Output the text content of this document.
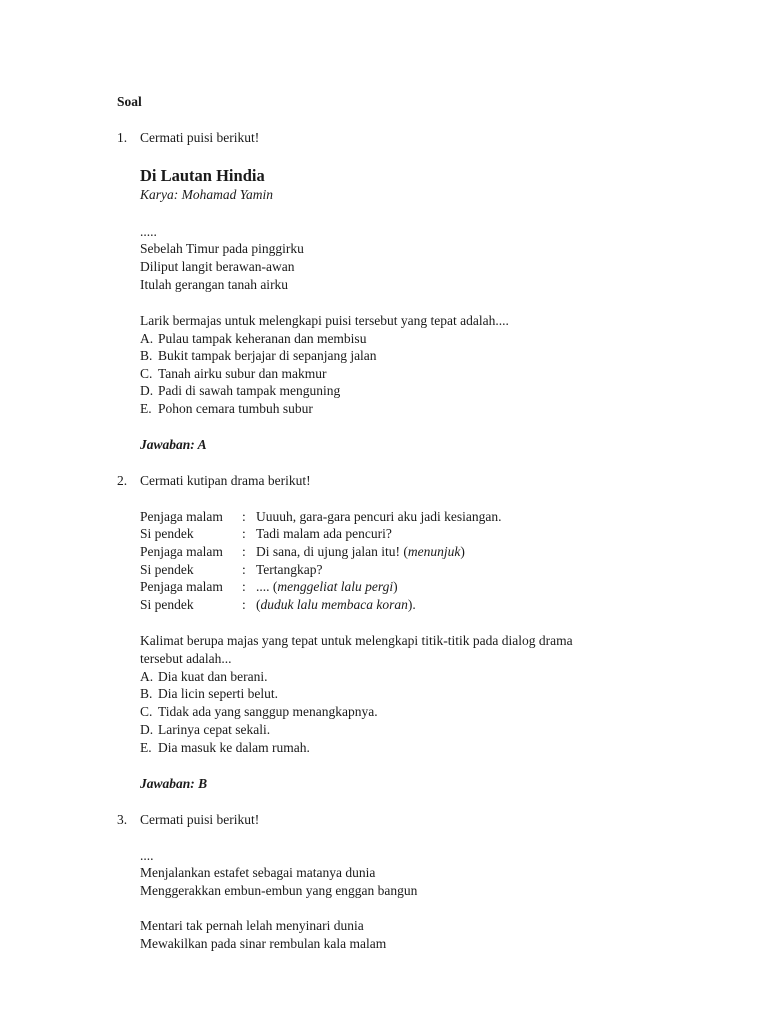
Soal
1. Cermati puisi berikut!
Di Lautan Hindia
Karya: Mohamad Yamin
.....
Sebelah Timur pada pinggirku
Diliput langit berawan-awan
Itulah gerangan tanah airku
Larik bermajas untuk melengkapi puisi tersebut yang tepat adalah....
A. Pulau tampak keheranan dan membisu
B. Bukit tampak berjajar di sepanjang jalan
C. Tanah airku subur dan makmur
D. Padi di sawah tampak menguning
E. Pohon cemara tumbuh subur
Jawaban: A
2. Cermati kutipan drama berikut!
Penjaga malam : Uuuuh, gara-gara pencuri aku jadi kesiangan.
Si pendek	: Tadi malam ada pencuri?
Penjaga malam : Di sana, di ujung jalan itu! (menunjuk)
Si pendek	: Tertangkap?
Penjaga malam : .... (menggeliat lalu pergi)
Si pendek	: (duduk lalu membaca koran).
Kalimat berupa majas yang tepat untuk melengkapi titik-titik pada dialog drama
tersebut adalah...
A. Dia kuat dan berani.
B. Dia licin seperti belut.
C. Tidak ada yang sanggup menangkapnya.
D. Larinya cepat sekali.
E. Dia masuk ke dalam rumah.
Jawaban: B
3. Cermati puisi berikut!
....
Menjalankan estafet sebagai matanya dunia
Menggerakkan embun-embun yang enggan bangun
Mentari tak pernah lelah menyinari dunia
Mewakilkan pada sinar rembulan kala malam
